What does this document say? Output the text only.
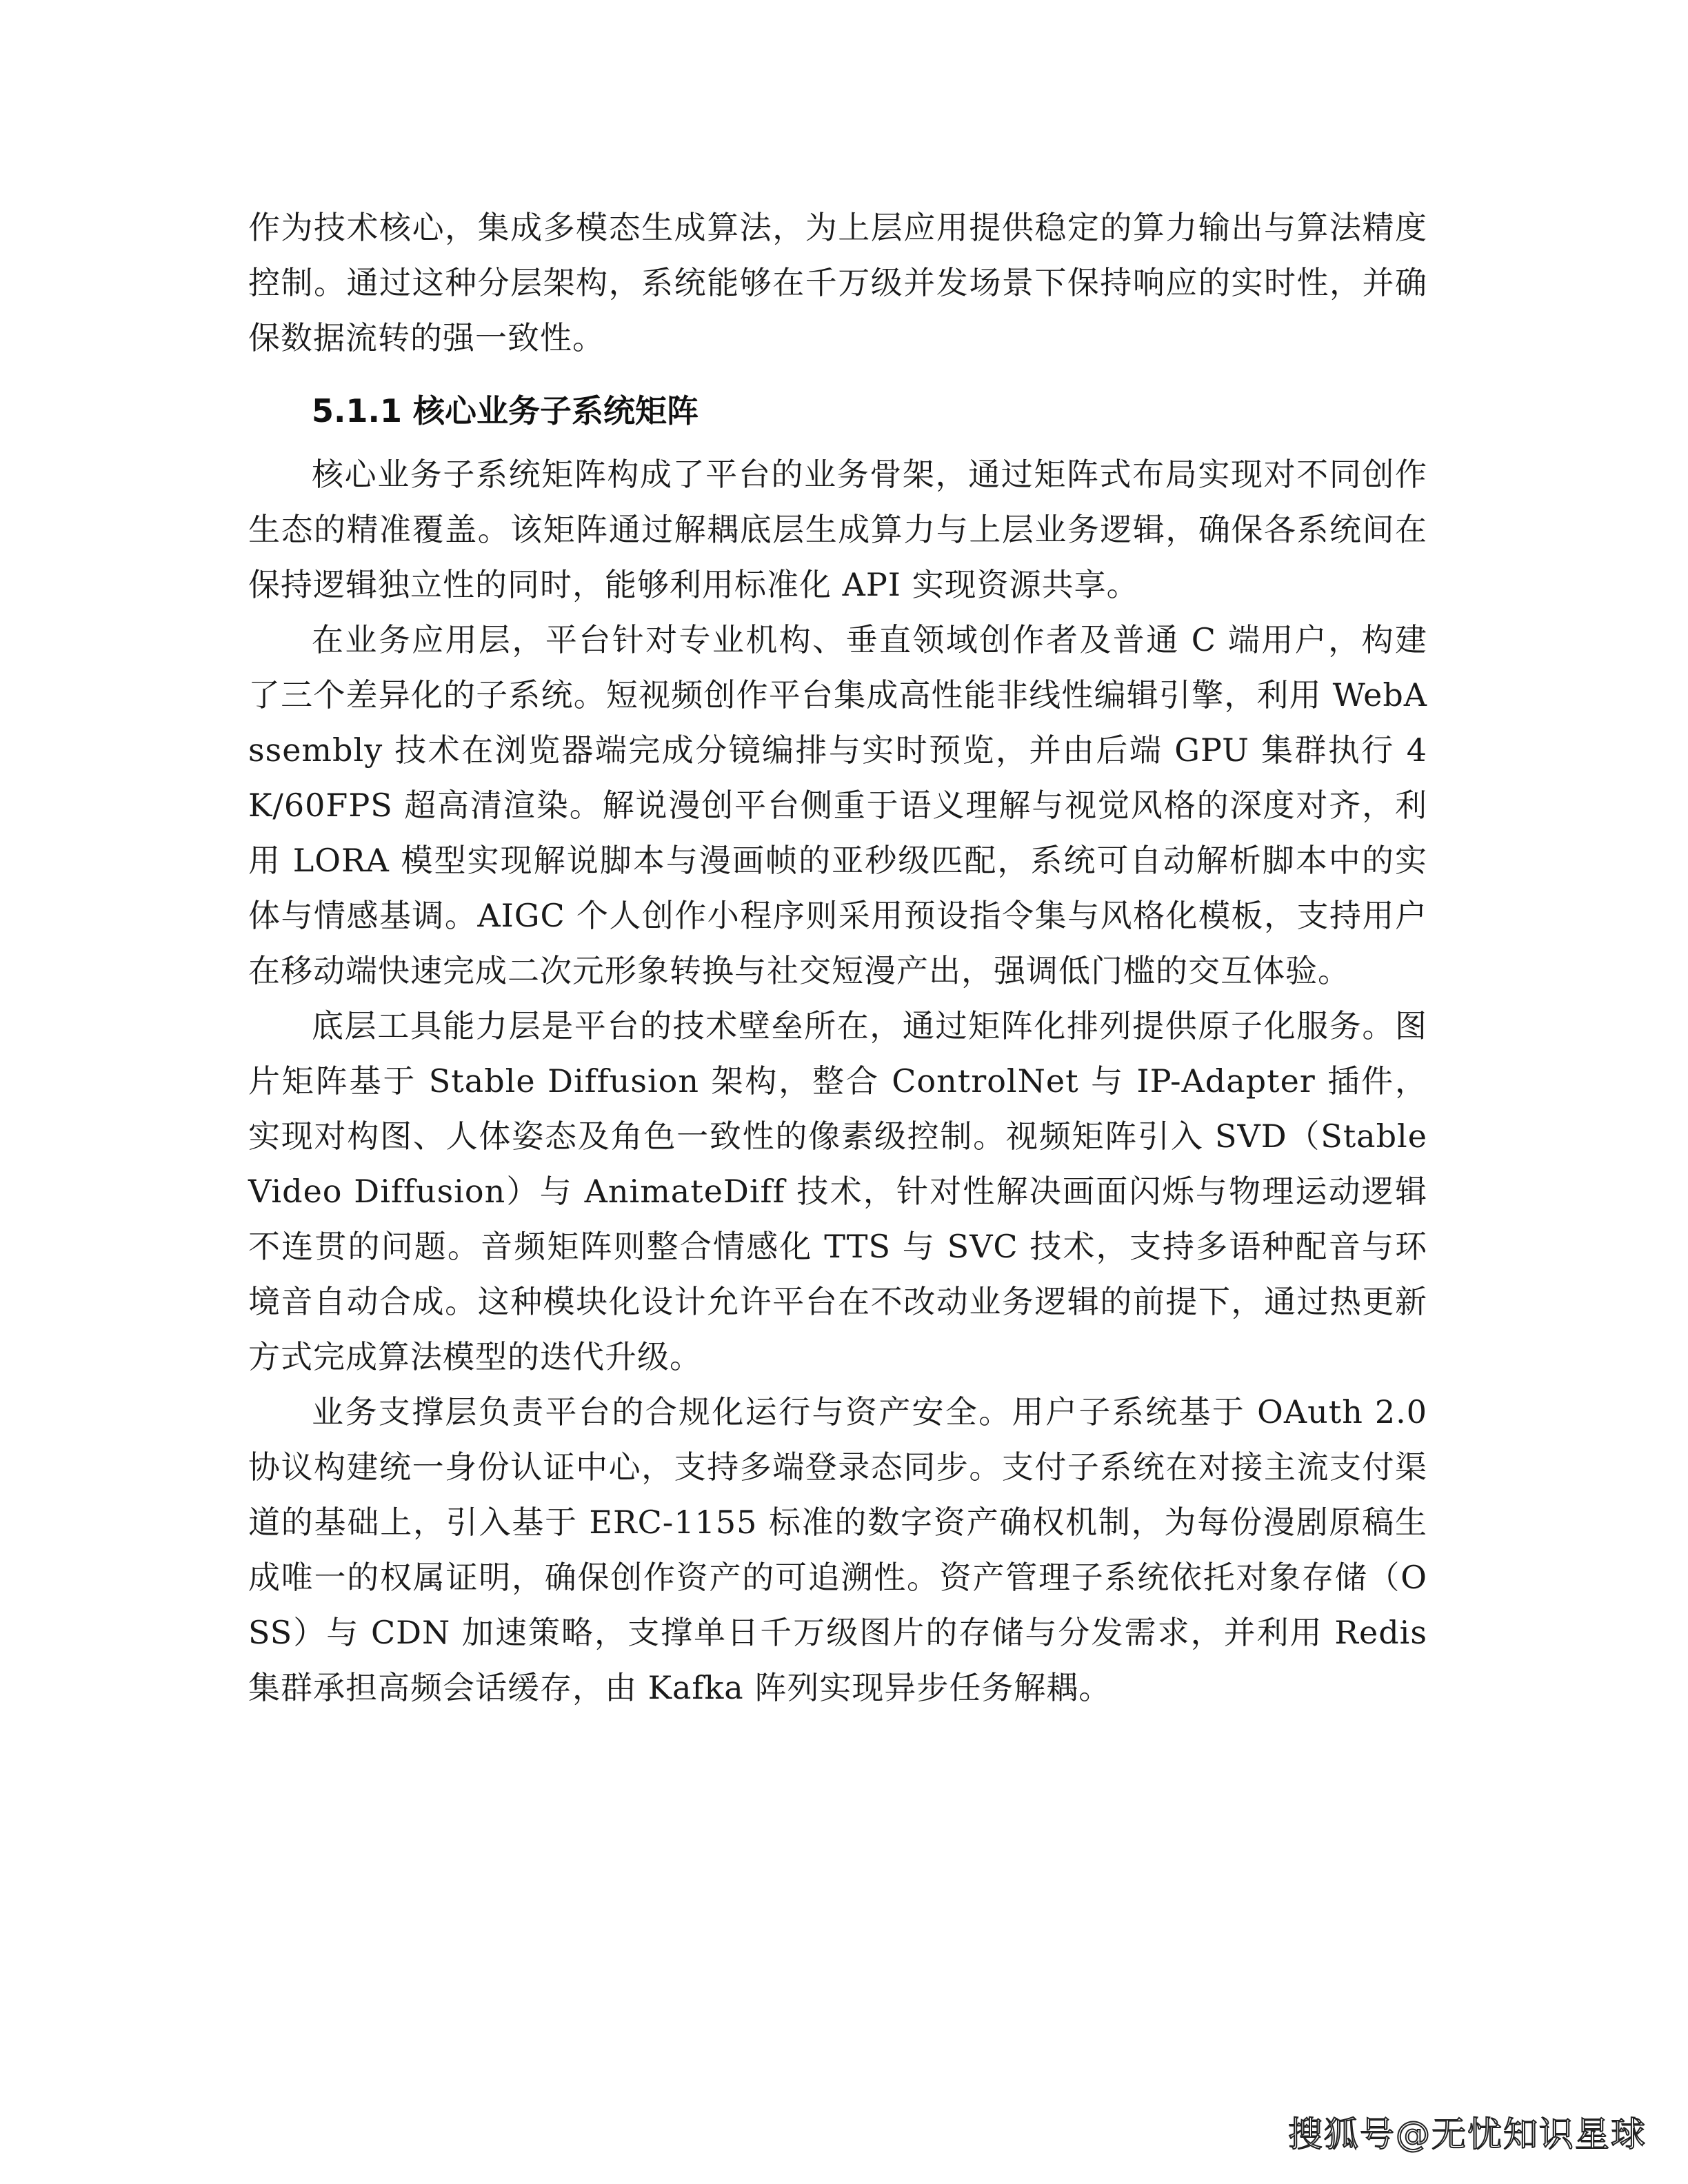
作为技术核心，集成多模态生成算法，为上层应用提供稳定的算力输出与算法精度控制。通过这种分层架构，系统能够在千万级并发场景下保持响应的实时性，并确保数据流转的强一致性。

5.1.1 核心业务子系统矩阵

核心业务子系统矩阵构成了平台的业务骨架，通过矩阵式布局实现对不同创作生态的精准覆盖。该矩阵通过解耦底层生成算力与上层业务逻辑，确保各系统间在保持逻辑独立性的同时，能够利用标准化 API 实现资源共享。

在业务应用层，平台针对专业机构、垂直领域创作者及普通 C 端用户，构建了三个差异化的子系统。短视频创作平台集成高性能非线性编辑引擎，利用 WebAssembly 技术在浏览器端完成分镜编排与实时预览，并由后端 GPU 集群执行 4K/60FPS 超高清渲染。解说漫创平台侧重于语义理解与视觉风格的深度对齐，利用 LORA 模型实现解说脚本与漫画帧的亚秒级匹配，系统可自动解析脚本中的实体与情感基调。AIGC 个人创作小程序则采用预设指令集与风格化模板，支持用户在移动端快速完成二次元形象转换与社交短漫产出，强调低门槛的交互体验。

底层工具能力层是平台的技术壁垒所在，通过矩阵化排列提供原子化服务。图片矩阵基于 Stable Diffusion 架构，整合 ControlNet 与 IP-Adapter 插件，实现对构图、人体姿态及角色一致性的像素级控制。视频矩阵引入 SVD（Stable Video Diffusion）与 AnimateDiff 技术，针对性解决画面闪烁与物理运动逻辑不连贯的问题。音频矩阵则整合情感化 TTS 与 SVC 技术，支持多语种配音与环境音自动合成。这种模块化设计允许平台在不改动业务逻辑的前提下，通过热更新方式完成算法模型的迭代升级。

业务支撑层负责平台的合规化运行与资产安全。用户子系统基于 OAuth 2.0 协议构建统一身份认证中心，支持多端登录态同步。支付子系统在对接主流支付渠道的基础上，引入基于 ERC-1155 标准的数字资产确权机制，为每份漫剧原稿生成唯一的权属证明，确保创作资产的可追溯性。资产管理子系统依托对象存储（OSS）与 CDN 加速策略，支撑单日千万级图片的存储与分发需求，并利用 Redis 集群承担高频会话缓存，由 Kafka 阵列实现异步任务解耦。

搜狐号@无忧知识星球
